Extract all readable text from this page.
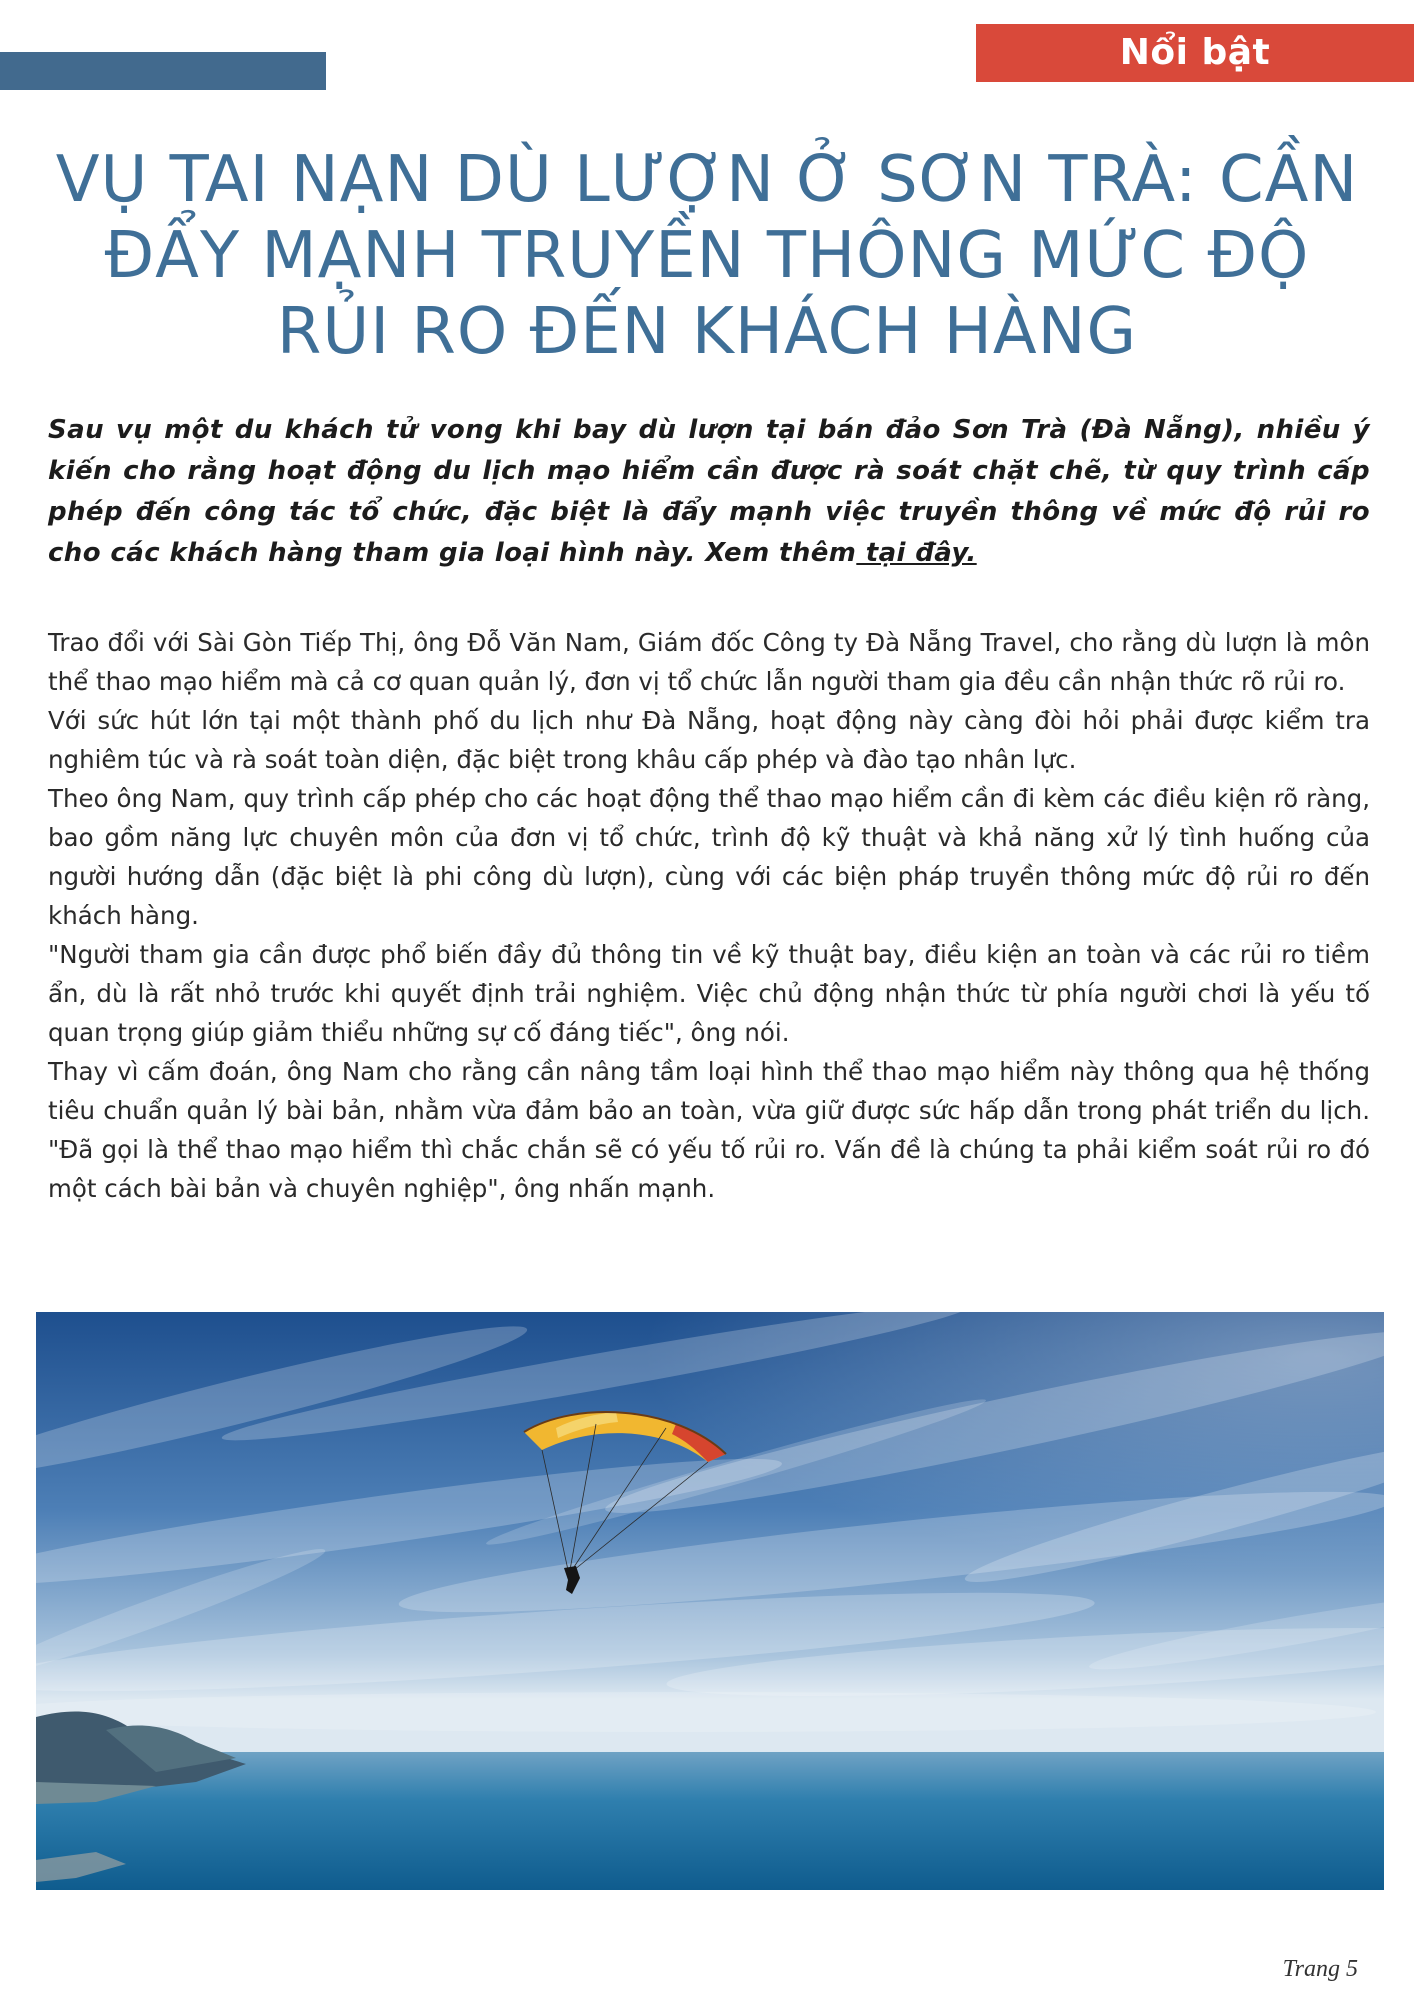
Nổi bật
VỤ TAI NẠN DÙ LƯỢN Ở SƠN TRÀ: CẦN ĐẨY MẠNH TRUYỀN THÔNG MỨC ĐỘ RỦI RO ĐẾN KHÁCH HÀNG

Sau vụ một du khách tử vong khi bay dù lượn tại bán đảo Sơn Trà (Đà Nẵng), nhiều ý kiến cho rằng hoạt động du lịch mạo hiểm cần được rà soát chặt chẽ, từ quy trình cấp phép đến công tác tổ chức, đặc biệt là đẩy mạnh việc truyền thông về mức độ rủi ro cho các khách hàng tham gia loại hình này. Xem thêm tại đây.

Trao đổi với Sài Gòn Tiếp Thị, ông Đỗ Văn Nam, Giám đốc Công ty Đà Nẵng Travel, cho rằng dù lượn là môn thể thao mạo hiểm mà cả cơ quan quản lý, đơn vị tổ chức lẫn người tham gia đều cần nhận thức rõ rủi ro.

Với sức hút lớn tại một thành phố du lịch như Đà Nẵng, hoạt động này càng đòi hỏi phải được kiểm tra nghiêm túc và rà soát toàn diện, đặc biệt trong khâu cấp phép và đào tạo nhân lực.

Theo ông Nam, quy trình cấp phép cho các hoạt động thể thao mạo hiểm cần đi kèm các điều kiện rõ ràng, bao gồm năng lực chuyên môn của đơn vị tổ chức, trình độ kỹ thuật và khả năng xử lý tình huống của người hướng dẫn (đặc biệt là phi công dù lượn), cùng với các biện pháp truyền thông mức độ rủi ro đến khách hàng.

"Người tham gia cần được phổ biến đầy đủ thông tin về kỹ thuật bay, điều kiện an toàn và các rủi ro tiềm ẩn, dù là rất nhỏ trước khi quyết định trải nghiệm. Việc chủ động nhận thức từ phía người chơi là yếu tố quan trọng giúp giảm thiểu những sự cố đáng tiếc", ông nói.

Thay vì cấm đoán, ông Nam cho rằng cần nâng tầm loại hình thể thao mạo hiểm này thông qua hệ thống tiêu chuẩn quản lý bài bản, nhằm vừa đảm bảo an toàn, vừa giữ được sức hấp dẫn trong phát triển du lịch. "Đã gọi là thể thao mạo hiểm thì chắc chắn sẽ có yếu tố rủi ro. Vấn đề là chúng ta phải kiểm soát rủi ro đó một cách bài bản và chuyên nghiệp", ông nhấn mạnh.

Trang 5
